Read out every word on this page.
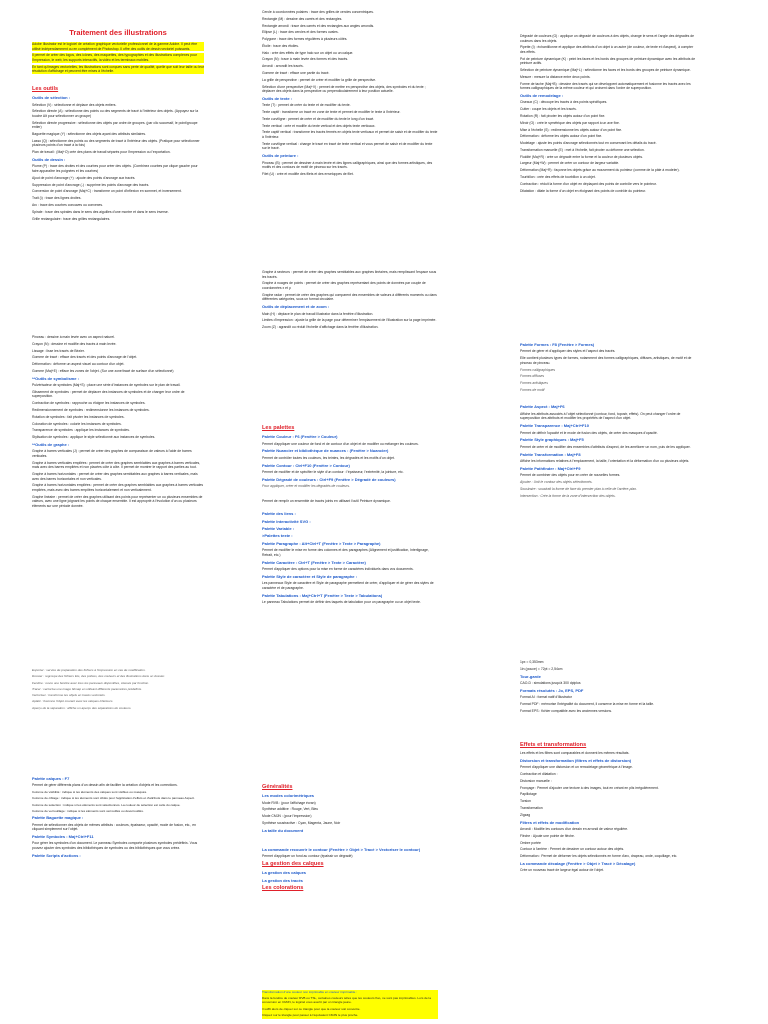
Traitement des illustrations

Adobe Illustrator est le logiciel de création graphique vectorielle professionnel de la gamme Adobe. Il peut être utilisé indépendamment ou en complément de Photoshop. Il offre des outils de dessin vectoriel puissants.

Il permet de créer des logos, des icônes, des maquettes, des typographies et des illustrations complexes pour l'impression, le web, les supports interactifs, la vidéo et les terminaux mobiles.

En tant qu'images vectorielles, les illustrations sont conçues sans perte de qualité, quelle que soit leur taille ou leur résolution d'affichage et peuvent être mises à l'échelle.

Les outils

Outils de sélection :

Sélection (V) : sélectionne et déplace des objets entiers.

Sélection directe (A) : sélectionne des points ou des segments de tracé à l'intérieur des objets. (Appuyez sur la touche Alt pour sélectionner un groupe)

Sélection directe progressive : sélectionne des objets par ordre de groupes. (par clic successif, le point/groupe entier)

Baguette magique (Y) : sélectionne des objets ayant des attributs similaires.

Lasso (Q) : sélectionne des points ou des segments de tracé à l'intérieur des objets. (Pratique pour sélectionner plusieurs points d'un tracé à la fois)

Plan de travail : (Maj+O) crée des plans de travail séparés pour l'impression ou l'exportation.

Outils de dessin :

Plume (P) : trace des droites et des courbes pour créer des objets. (Combinez courbes par clique gauche pour faire apparaître les poignées et les courbes)

Ajout de point d'ancrage (+) : ajoute des points d'ancrage aux tracés.

Suppression de point d'ancrage (-) : supprime les points d'ancrage des tracés.

Conversion de point d'ancrage (Maj+C) : transforme un point d'inflexion en sommet, et inversement.

Trait (\) : trace des lignes droites.

Arc : trace des courbes concaves ou convexes.

Spirale : trace des spirales dans le sens des aiguilles d'une montre et dans le sens inverse.

Grille rectangulaire : trace des grilles rectangulaires.

Pinceau : dessine à main levée avec un aspect naturel.

Crayon (N) : dessine et modifie des tracés à main levée.

Lissage : lisse les tracés de Bézier.

Gomme de tracé : efface des tracés et des points d'ancrage de l'objet.

Déformation : déforme un aspect visuel au contour d'un objet.

Gomme (Maj+E) : efface les zones de l'objet. (Sur une zone/tracé de surface d'un sélectionné)

**Outils de symbolisme :

Pulvérisateur de symboles (Maj+S) : place une série d'instances de symboles sur le plan de travail.

Glissement de symboles : permet de déplacer des instances de symboles et de changer leur ordre de superposition.

Contraction de symboles : rapproche ou éloigne les instances de symboles.

Redimensionnement de symboles : redimensionne les instances de symboles.

Rotation de symboles : fait pivoter les instances de symboles.

Coloration de symboles : colorie les instances de symboles.

Transparence de symboles : applique les instances de symboles.

Stylisation de symboles : applique le style sélectionné aux instances de symboles.

**Outils de graphe :

Graphe à barres verticales (J) : permet de créer des graphes de comparaison de valeurs à l'aide de barres verticales.

Graphe à barres verticales empilées : permet de créer des graphes semblables aux graphes à barres verticales, mais avec des barres empilées et non placées côte à côte. Il permet de montrer le rapport des parties au tout.

Graphe à barres horizontales : permet de créer des graphes semblables aux graphes à barres verticales, mais avec des barres horizontales et non verticales.

Graphe à barres horizontales empilées : permet de créer des graphes semblables aux graphes à barres verticales empilées, mais avec des barres empilées horizontalement et non verticalement.

Graphe linéaire : permet de créer des graphes utilisant des points pour représenter un ou plusieurs ensembles de valeurs, avec une ligne joignant les points de chaque ensemble. Il est approprié à l'évolution d'un ou plusieurs éléments sur une période donnée.

Exporter : service de préparation des fichiers à l'impression en cas de modification.

Dossier : regroupe des fichiers liés, des polices, des couleurs et des illustrations dans un dossier.

Fenêtre : ouvre une fenêtre avec tous les panneaux disponibles, classés par fonction.

Tracer : vectorise une image bitmap en utilisant différents paramètres prédéfinis.

Vectoriser : transforme les objets en tracés vectoriels.

Aplatir : fusionne l'objet courant avec les calques inférieurs.

Aperçu de la séparation : affiche un aperçu des séparations de couleurs.

Palette calques : F7

Permet de gérer différents plans d'un dessin afin de faciliter la création d'objets et les corrections.

Colonne de visibilité : indique si les éléments des calques sont visibles ou masqués.

Colonne de ciblage : indique si les éléments sont ciblés pour l'application d'effets et d'attributs dans le panneau Aspect.

Colonne de sélection : indique si les éléments sont sélectionnés. La couleur de sélection est celle du calque.

Colonne de verrouillage : indique si les éléments sont verrouillés ou déverrouillés.

Palette Baguette magique :

Permet de sélectionner des objets de mêmes attributs : couleurs, épaisseur, opacité, mode de fusion, etc., en cliquant simplement sur l'objet.

Palette Symboles : Maj+Ctrl+F11

Pour gérer les symboles d'un document. Le panneau Symboles comporte plusieurs symboles prédéfinis. Vous pouvez ajouter des symboles des bibliothèques de symboles ou des bibliothèques que vous créez.

Palette Scripts d'actions :

Cercle à coordonnées polaires : trace des grilles de cercles concentriques.

Rectangle (M) : dessine des carrés et des rectangles.

Rectangle arrondi : trace des carrés et des rectangles aux angles arrondis.

Ellipse (L) : trace des cercles et des formes ovales.

Polygone : trace des formes régulières à plusieurs côtés.

Étoile : trace des étoiles.

Halo : crée des effets de type halo sur un objet ou un calque.

Crayon (N) : trace à main levée des formes et des tracés.

Arrondi : arrondit les tracés.

Gomme de tracé : efface une partie du tracé.

La grille de perspective : permet de créer et modifier la grille de perspective.

Sélection d'une perspective (Maj+V) : permet de mettre en perspective des objets, des symboles et du texte ; déplacer des objets dans la perspective ou perpendiculairement à leur position actuelle.

Outils de texte :

Texte (T) : permet de créer du texte et de modifier du texte.

Texte captif : transforme un tracé en zone de texte et permet de modifier le texte à l'intérieur.

Texte curviligne : permet de créer et de modifier du texte le long d'un tracé.

Texte vertical : crée et modifie du texte vertical et des objets texte verticaux.

Texte captif vertical : transforme les tracés fermés en objets texte verticaux et permet de saisir et de modifier du texte à l'intérieur.

Texte curviligne vertical : change le tracé en tracé de texte vertical et vous permet de saisir et de modifier du texte sur le tracé.

Outils de peinture :

Pinceau (B) : permet de dessiner à main levée et des lignes calligraphiques, ainsi que des formes artistiques, des motifs et des contours de motif de pinceau sur les tracés.

Filet (U) : crée et modifie des filets et des enveloppes de filet.

Graphe à secteurs : permet de créer des graphes semblables aux graphes linéaires, mais remplissant l'espace sous les tracés.

Graphe à nuages de points : permet de créer des graphes représentant des points de données par couple de coordonnées x et y.

Graphe radar : permet de créer des graphes qui comparent des ensembles de valeurs à différents moments ou dans différentes catégories, sous un format circulaire.

Outils de déplacement et de zoom :

Main (H) : déplace le plan de travail Illustrator dans la fenêtre d'illustration.

Limites d'impression : ajuste la grille de la page pour déterminer l'emplacement de l'illustration sur la page imprimée.

Zoom (Z) : agrandit ou réduit l'échelle d'affichage dans la fenêtre d'illustration.

Les palettes

Palette Couleur : F6 (Fenêtre > Couleur)

Permet d'appliquer une couleur de fond et de contour d'un objet et de modifier ou mélanger les couleurs.

Palette Nuancier et bibliothèque de nuances : (Fenêtre > Nuancier)

Permet de contrôler toutes les couleurs, les teintes, les dégradés et les motifs d'un objet.

Palette Contour : Ctrl+F10 (Fenêtre > Contour)

Permet de modifier et de spécifier le style d'un contour : l'épaisseur, l'extrémité, la jointure, etc.

Palette Dégradé de couleurs : Ctrl+F9 (Fenêtre > Dégradé de couleurs)

Pour appliquer, créer et modifier les dégradés de couleurs.

Permet de remplir un ensemble de tracés joints en utilisant l'outil Peinture dynamique.

Palette des liens :

Palette Interactivité SVG :

Palette Variable :

>Palettes texte :

Palette Paragraphe : Alt+Ctrl+T (Fenêtre > Texte > Paragraphe)

Permet de modifier le mise en forme des colonnes et des paragraphes (Alignement et justification, Interlignage, Retrait, etc.)

Palette Caractère : Ctrl+T (Fenêtre > Texte > Caractère)

Permet d'appliquer des options pour la mise en forme de caractères individuels dans vos documents.

Palette Style de caractère et Style de paragraphe :

Les panneaux Style de caractère et Style de paragraphe permettent de créer, d'appliquer et de gérer des styles de caractère et de paragraphe.

Palette Tabulations : Maj+Ctrl+T (Fenêtre > Texte > Tabulations)

Le panneau Tabulations permet de définir des taquets de tabulation pour un paragraphe ou un objet texte.

Généralités

Les modes colorimétriques

Mode RVB : (pour l'affichage écran)

Synthèse additive : Rouge, Vert, Bleu

Mode CMJN : (pour l'impression)

Synthèse soustractive : Cyan, Magenta, Jaune, Noir

La taille du document

La commande recouvrir le contour (Fenêtre > Objet > Tracé > Vectoriser le contour)

Permet d'appliquer un fond au contour (épaissir un dégradé)

La gestion des calques

La gestion des calques

La gestion des tracés

Les colorations

Transformation d'une couleur non imprimable en couleur imprimable :

Dans la fenêtre de couleur RVB ou TSL, certaines couleurs telles que les couleurs fluo, ne sont pas imprimables. Lors de la conversion en CMJN, le logiciel vous avertit par un triangle jaune.

Il suffit alors de cliquer sur ce triangle pour que la couleur soit convertie.

Cliquez sur le triangle pour passer à l'équivalent CMJN le plus proche.

Dégradé de couleurs (G) : applique un dégradé de couleurs à des objets, change le sens et l'angle des dégradés de couleurs dans les objets.

Pipette (I) : échantillonne et applique des attributs d'un objet à un autre (de couleur, de texte et d'aspect), à compter des effets.

Pot de peinture dynamique (K) : peint les faces et les bords des groupes de peinture dynamique avec les attributs de peinture actifs.

Sélection de peinture dynamique (Maj+L) : sélectionne les faces et les bords des groupes de peinture dynamique.

Mesure : mesure la distance entre deux points.

Forme de tache (Maj+B) : dessine des tracés qui se développent automatiquement et fusionne les tracés avec les formes calligraphiques de la même couleur et qui croisent dans l'ordre de superposition.

Outils de remodelage :

Ciseaux (C) : découpe les tracés à des points spécifiques.

Cutter : coupe les objets et les tracés.

Rotation (R) : fait pivoter les objets autour d'un point fixe.

Miroir (O) : crée le symétrique des objets par rapport à un axe fixe.

Mise à l'échelle (S) : redimensionne les objets autour d'un point fixe.

Déformation : déforme les objets autour d'un point fixe.

Modelage : ajuste les points d'ancrage sélectionnés tout en conservant les détails du tracé.

Transformation manuelle (E) : met à l'échelle, fait pivoter ou déforme une sélection.

Fluidité (Maj+R) : crée un dégradé entre la forme et la couleur de plusieurs objets.

Largeur (Maj+W) : permet de créer un contour de largeur variable.

Déformation (Maj+R) : façonne les objets grâce au mouvement du pointeur (comme de la pâte à modeler).

Tourbillon : crée des effets de tourbillon à un objet.

Contraction : réduit la forme d'un objet en déplaçant des points de contrôle vers le pointeur.

Dilatation : dilate la forme d'un objet en éloignant des points de contrôle du pointeur.

Palette Formes : F8 (Fenêtre > Formes)

Permet de gérer et d'appliquer des styles et l'aspect des tracés.

Elle contient plusieurs types de formes, notamment des formes calligraphiques, diffuses, artistiques, de motif et de pinceau de pinceau.

Formes calligraphiques

Formes diffuses

Formes artistiques

Formes de motif

Palette Aspect : Maj+F6

Affiche les attributs associés à l'objet sélectionné (contour, fond, topostr, effets). On peut changer l'ordre de superposition des attributs et modifier les propriétés de l'aspect d'un objet.

Palette Transparence : Maj+Ctrl+F10

Permet de définir l'opacité et le mode de fusion des objets, de créer des masques d'opacité.

Palette Style graphiques : Maj+F5

Permet de créer et de modifier des ensembles d'attributs d'aspect, de les améliorer un nom, puis de les appliquer.

Palette Transformation : Maj+F8

Affiche les informations relatives à l'emplacement, la taille, l'orientation et la déformation d'un ou plusieurs objets.

Palette Pathfinder : Maj+Ctrl+F9

Permet de combiner des objets pour en créer de nouvelles formes.

Ajouter : Unit le contour des objets sélectionnés.

Soustraire : soustrait la forme de face du premier plan à celle de l'arrière-plan.

Intersection : Crée la forme de la zone d'intersection des objets.

1px = 0,353mm

1in (pouce) = 72pt = 2,54cm

Tour-garde

CAO-D : simulations jusqu'à 300 dpiplus

Formats résolutés : Jo, EPS, PDF

Format AI : format natif d'Illustrator

Format PDF : mémorise l'intégralité du document, il conserve la mise en forme et la taille.

Format EPS : fichier compatible avec les anciennes versions.

Effets et transformations

Les effets et les filtres sont comparables et donnent les mêmes résultats.

Distorsion et transformation (filtres et effets de distorsion)

Permet d'appliquer une distorsion et un remodelage géométrique à l'image.

Contraction et dilatation :

Distorsion manuelle :

Fronçage : Permet d'ajouter une texture à des images, tout en créant en plis irrégulièrement.

Papillotage

Torsion

Transformation

Zigzag

Filtres et effets de modification

Arrondi : Modifie les contours d'un dessin en arrondi de valeur régulière.

Flèche : Ajoute une pointe de flèche.

Ombre portée

Contour à l'arrière : Permet de dessiner un contour autour des objets.

Déformation : Permet de déformer les objets sélectionnés en forme d'arc, drapeau, onde, coquillage, etc.

La commande décalage (Fenêtre > Objet > Tracé > Décalage)

Crée un nouveau tracé de largeur égal autour de l'objet.
